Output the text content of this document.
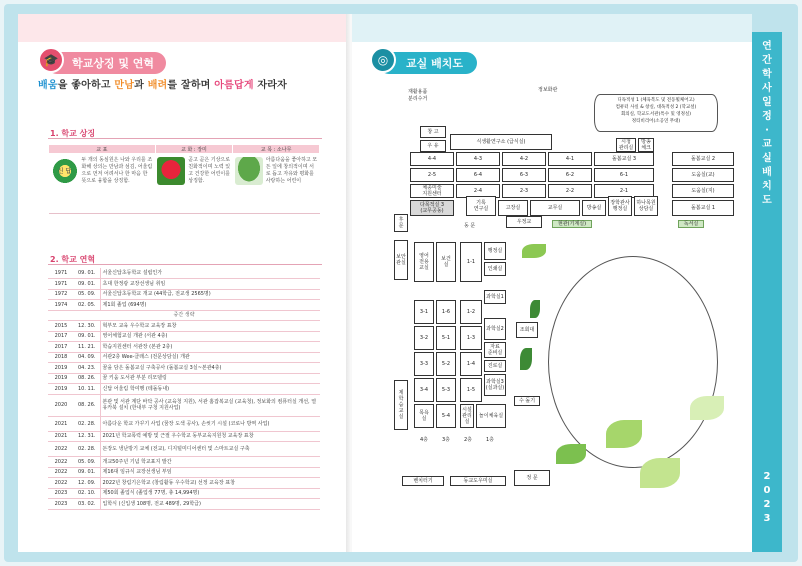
🎓	학교상징 및 연혁
배움을 좋아하고 만남과 배려를 잘하며 아름답게 자라자
1. 학교 상징
교 표	교 화 : 장미	교 목 : 소나무

신 답
두 개의 동심원은 나와 우리를 조화해 상의는 만남과 섬김, 어울림으로 먼저 어려서나 한 마음 한 뜻으로 융합을 상징함.	곧고 곧은 기상으로 친화적이며 노력 있고 건강한 어린이를 상징함.	아름다움을 좋아하고 모든 일에 창의적이며 서로 돕고 자유와 평화를 사랑하는 어린이
2. 학교 연혁
1971	09. 01.	서울신답초등학교 설립인가
1971	09. 01.	초대 한정광 교장선생님 취임
1972	05. 09.	서울신답초등학교 개교 (44학급, 전교생 2565명)
1974	02. 05.	제1회 졸업 (694명)
중간 생략		
2015	12. 30.	혁부모 교육 우수학교 교육장 표창
2017	09. 01.	영어체험교실 개관 (서관 4층)
2017	11. 21.	학습지원센터 서관장 (본관 2층)
2018	04. 09.	서관2층 Wee-클래스 (전문상담실) 개관
2019	04. 23.	꿈을 담은 돌봄교실 구축공사 (돌봄교실 3실~본관4층)
2019	08. 26.	꿈 키움 도서관 부분 리모델링
2019	10. 11.	신답 어울림 학여행 (테돌동내)
2020	08. 26.	본관 및 서관 계단 바닥 공사 (교육청 지원), 서관 홈잡복교실 (교육청), 정보화의 컴퓨터실 개선, 열유카북 설치 (한내부 구청 지원사업)
2021	02. 28.	아름다운 학교 가꾸기 사업 (꿈장 도색 공사), 손씻기 시설 (코로나 방역 사업)
2021	12. 31.	2021년 학교폭력 예방 및 근절 우수학교 동부교육지원청 교육장 표창
2022	02. 28.	돈장도 냉난방기 교체 (전교), 디지털미디어센터 및 스마트교실 구축
2022	05. 09.	개교50주년 기념 학교표지 발간
2022	09. 01.	제16대 임규식 교장선생님 부임
2022	12. 09.	2022년 창림기은학교 (창림활동 우수학교) 선정 교육장 표창
2023	02. 10.	제50회 졸업식 (졸업생 77명, 총 14,994명)
2023	03. 02.	입학식 (신입생 108명, 전교 489명, 29학급)
◎	교실 배치도
연
간
학
사
일
정
·
교
실
배
치
도
2
0
2
3
재활용품
분리수거
정보화관
디독적성 1 (체육복도 및 전동휠체어고)
컴퓨터 사실 & 창실, 대독적성 2 (학교설)
회의실, 학교도서관(특수 및 영정실)
정티비리어(소공연 무대)
시청
관리실
방송
체크
창 고
우 유
식생활연구소 (급식실)
4-4	4-3	4-2	4-1	돌봄교실 3	돌봄교실 2
2-5	6-4	6-3	6-2	6-1	도움실(교)
체종미술
지원센터	2-4	2-3	2-2	2-1	도움실(지)
다목적실 3
(교무공동)
기록
연구실	고장실	교무실	방송실
장학관사
행정실
하나목원
상담실	돌봄교실 1
후
문	동 문
우정교	현관(기계실)	독서실
보안
관실
영어
전용
교실
보건
실	1-1
행정실
인쇄실
과학실1
3-1	1-6	1-2
3-2	5-1	1-3
3-3	5-2	1-4
3-4	5-3	1-5
과학실2
자료
준비실
진로실
과학실3
(실과실)
제
학
습
교
실
목욕
실	5-4
시설
관리실
놀이체육실
4층	3층	2층	1층
조회대
수 돌기
벤치터기	동교도우미실	정 문
